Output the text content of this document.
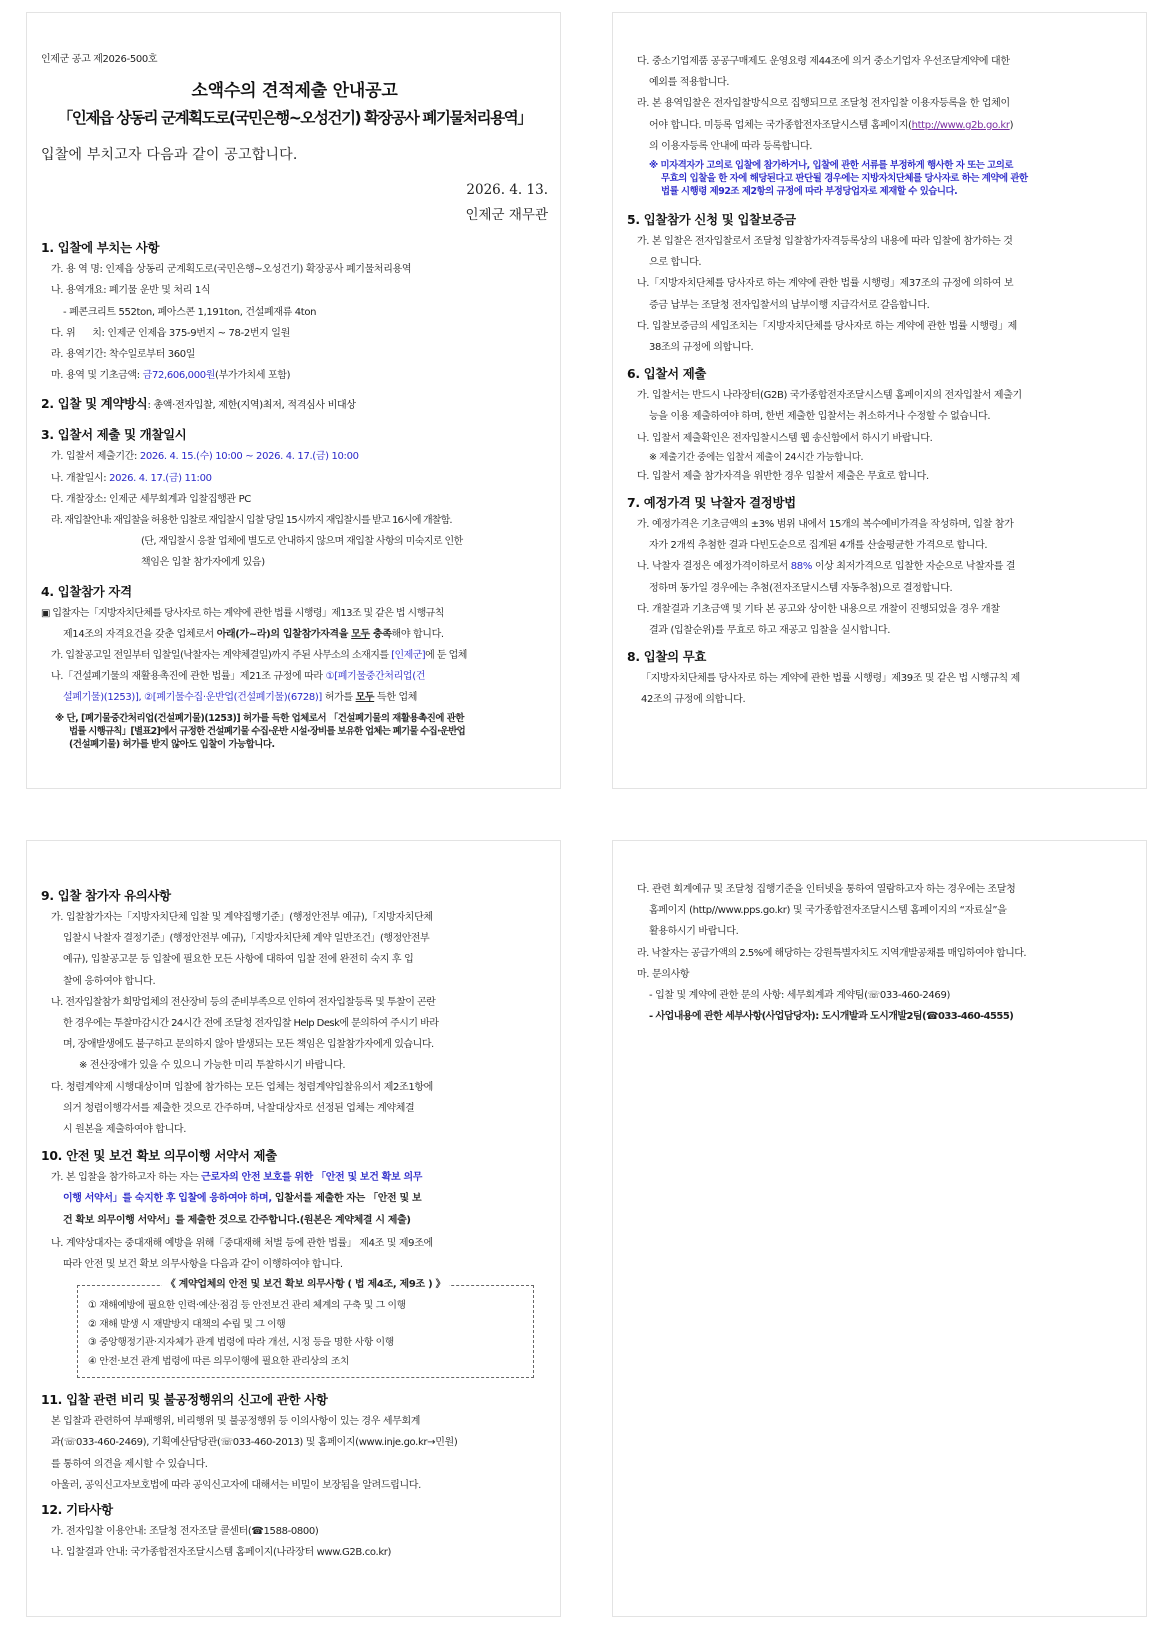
인제군 공고 제2026-500호
소액수의 견적제출 안내공고
「인제읍 상동리 군계획도로(국민은행~오성건기) 확장공사 폐기물처리용역」
입찰에 부치고자 다음과 같이 공고합니다.
2026. 4. 13.
인제군 재무관
1. 입찰에 부치는 사항
가. 용 역 명: 인제읍 상동리 군계획도로(국민은행~오성건기) 확장공사 폐기물처리용역
나. 용역개요: 폐기물 운반 및 처리 1식
- 폐콘크리트 552ton, 폐아스콘 1,191ton, 건설폐재류 4ton
다. 위      치: 인제군 인제읍 375-9번지 ~ 78-2번지 일원
라. 용역기간: 착수일로부터 360일
마. 용역 및 기초금액: 금72,606,000원(부가가치세 포함)
2. 입찰 및 계약방식: 총액·전자입찰, 제한(지역)최저, 적격심사 비대상
3. 입찰서 제출 및 개찰일시
가. 입찰서 제출기간: 2026. 4. 15.(수) 10:00 ~ 2026. 4. 17.(금) 10:00
나. 개찰일시: 2026. 4. 17.(금) 11:00
다. 개찰장소: 인제군 세무회계과 입찰집행관 PC
라. 재입찰안내: 재입찰을 허용한 입찰로 재입찰시 입찰 당일 15시까지 재입찰시를 받고 16시에 개찰함.
(단, 재입찰시 응찰 업체에 별도로 안내하지 않으며 재입찰 사항의 미숙지로 인한
책임은 입찰 참가자에게 있음)
4. 입찰참가 자격
▣ 입찰자는「지방자치단체를 당사자로 하는 계약에 관한 법률 시행령」제13조 및 같은 법 시행규칙
제14조의 자격요건을 갖춘 업체로서 아래(가~라)의 입찰참가자격을 모두 충족해야 합니다.
가. 입찰공고일 전일부터 입찰일(낙찰자는 계약체결일)까지 주된 사무소의 소재지를 [인제군]에 둔 업체
나.「건설폐기물의 재활용촉진에 관한 법률」제21조 규정에 따라 ①[폐기물중간처리업(건
설폐기물)(1253)], ②[폐기물수집·운반업(건설폐기물)(6728)] 허가를 모두 득한 업체
※ 단, [폐기물중간처리업(건설폐기물)(1253)] 허가를 득한 업체로서 「건설폐기물의 재활용촉진에 관한
법률 시행규칙」[별표2]에서 규정한 건설폐기물 수집·운반 시설·장비를 보유한 업체는 폐기물 수집·운반업
(건설폐기물) 허가를 받지 않아도 입찰이 가능합니다.
다. 중소기업제품 공공구매제도 운영요령 제44조에 의거 중소기업자 우선조달계약에 대한
예외를 적용합니다.
라. 본 용역입찰은 전자입찰방식으로 집행되므로 조달청 전자입찰 이용자등록을 한 업체이
어야 합니다. 미등록 업체는 국가종합전자조달시스템 홈페이지(http://www.g2b.go.kr)
의 이용자등록 안내에 따라 등록합니다.
※ 미자격자가 고의로 입찰에 참가하거나, 입찰에 관한 서류를 부정하게 행사한 자 또는 고의로
무효의 입찰을 한 자에 해당된다고 판단될 경우에는 지방자치단체를 당사자로 하는 계약에 관한
법률 시행령 제92조 제2항의 규정에 따라 부정당업자로 제재할 수 있습니다.
5. 입찰참가 신청 및 입찰보증금
가. 본 입찰은 전자입찰로서 조달청 입찰참가자격등록상의 내용에 따라 입찰에 참가하는 것
으로 합니다.
나.「지방자치단체를 당사자로 하는 계약에 관한 법률 시행령」제37조의 규정에 의하여 보
증금 납부는 조달청 전자입찰서의 납부이행 지급각서로 갈음합니다.
다. 입찰보증금의 세입조치는「지방자치단체를 당사자로 하는 계약에 관한 법률 시행령」제
38조의 규정에 의합니다.
6. 입찰서 제출
가. 입찰서는 반드시 나라장터(G2B) 국가종합전자조달시스템 홈페이지의 전자입찰서 제출기
능을 이용 제출하여야 하며, 한번 제출한 입찰서는 취소하거나 수정할 수 없습니다.
나. 입찰서 제출확인은 전자입찰시스템 웹 송신함에서 하시기 바랍니다.
※ 제출기간 중에는 입찰서 제출이 24시간 가능합니다.
다. 입찰서 제출 참가자격을 위반한 경우 입찰서 제출은 무효로 합니다.
7. 예정가격 및 낙찰자 결정방법
가. 예정가격은 기초금액의 ±3% 범위 내에서 15개의 복수예비가격을 작성하며, 입찰 참가
자가 2개씩 추첨한 결과 다빈도순으로 집계된 4개를 산술평균한 가격으로 합니다.
나. 낙찰자 결정은 예정가격이하로서 88% 이상 최저가격으로 입찰한 자순으로 낙찰자를 결
정하며 동가일 경우에는 추첨(전자조달시스템 자동추첨)으로 결정합니다.
다. 개찰결과 기초금액 및 기타 본 공고와 상이한 내용으로 개찰이 진행되었을 경우 개찰
결과 (입찰순위)를 무효로 하고 재공고 입찰을 실시합니다.
8. 입찰의 무효
「지방자치단체를 당사자로 하는 계약에 관한 법률 시행령」제39조 및 같은 법 시행규칙 제
42조의 규정에 의합니다.
9. 입찰 참가자 유의사항
가. 입찰참가자는「지방자치단체 입찰 및 계약집행기준」(행정안전부 예규),「지방자치단체
입찰시 낙찰자 결정기준」(행정안전부 예규),「지방자치단체 계약 일반조건」(행정안전부
예규), 입찰공고문 등 입찰에 필요한 모든 사항에 대하여 입찰 전에 완전히 숙지 후 입
찰에 응하여야 합니다.
나. 전자입찰참가 희망업체의 전산장비 등의 준비부족으로 인하여 전자입찰등록 및 투찰이 곤란
한 경우에는 투찰마감시간 24시간 전에 조달청 전자입찰 Help Desk에 문의하여 주시기 바라
며, 장애발생에도 불구하고 문의하지 않아 발생되는 모든 책임은 입찰참가자에게 있습니다.
※ 전산장애가 있을 수 있으니 가능한 미리 투찰하시기 바랍니다.
다. 청렴계약제 시행대상이며 입찰에 참가하는 모든 업체는 청렴계약입찰유의서 제2조1항에
의거 청렴이행각서를 제출한 것으로 간주하며, 낙찰대상자로 선정된 업체는 계약체결
시 원본을 제출하여야 합니다.
10. 안전 및 보건 확보 의무이행 서약서 제출
가. 본 입찰을 참가하고자 하는 자는 근로자의 안전 보호를 위한 「안전 및 보건 확보 의무
이행 서약서」를 숙지한 후 입찰에 응하여야 하며, 입찰서를 제출한 자는 「안전 및 보
건 확보 의무이행 서약서」를 제출한 것으로 간주합니다.(원본은 계약체결 시 제출)
나. 계약상대자는 중대재해 예방을 위해「중대재해 처벌 등에 관한 법률」 제4조 및 제9조에
따라 안전 및 보건 확보 의무사항을 다음과 같이 이행하여야 합니다.
《 계약업체의 안전 및 보건 확보 의무사항 ( 법 제4조, 제9조 ) 》
① 재해예방에 필요한 인력·예산·점검 등 안전보건 관리 체계의 구축 및 그 이행
② 재해 발생 시 재발방지 대책의 수립 및 그 이행
③ 중앙행정기관·지자체가 관계 법령에 따라 개선, 시정 등을 명한 사항 이행
④ 안전·보건 관계 법령에 따른 의무이행에 필요한 관리상의 조치
11. 입찰 관련 비리 및 불공정행위의 신고에 관한 사항
본 입찰과 관련하여 부패행위, 비리행위 및 불공정행위 등 이의사항이 있는 경우 세무회계
과(☏033-460-2469), 기획예산담당관(☏033-460-2013) 및 홈페이지(www.inje.go.kr→민원)
를 통하여 의견을 제시할 수 있습니다.
아울러, 공익신고자보호법에 따라 공익신고자에 대해서는 비밀이 보장됨을 알려드립니다.
12. 기타사항
가. 전자입찰 이용안내: 조달청 전자조달 콜센터(☎1588-0800)
나. 입찰결과 안내: 국가종합전자조달시스템 홈페이지(나라장터 www.G2B.co.kr)
다. 관련 회계예규 및 조달청 집행기준을 인터넷을 통하여 열람하고자 하는 경우에는 조달청
홈페이지 (http//www.pps.go.kr) 및 국가종합전자조달시스템 홈페이지의 “자료실”을
활용하시기 바랍니다.
라. 낙찰자는 공급가액의 2.5%에 해당하는 강원특별자치도 지역개발공채를 매입하여야 합니다.
마. 문의사항
- 입찰 및 계약에 관한 문의 사항: 세무회계과 계약팀(☏033-460-2469)
- 사업내용에 관한 세부사항(사업담당자): 도시개발과 도시개발2팀(☎033-460-4555)
